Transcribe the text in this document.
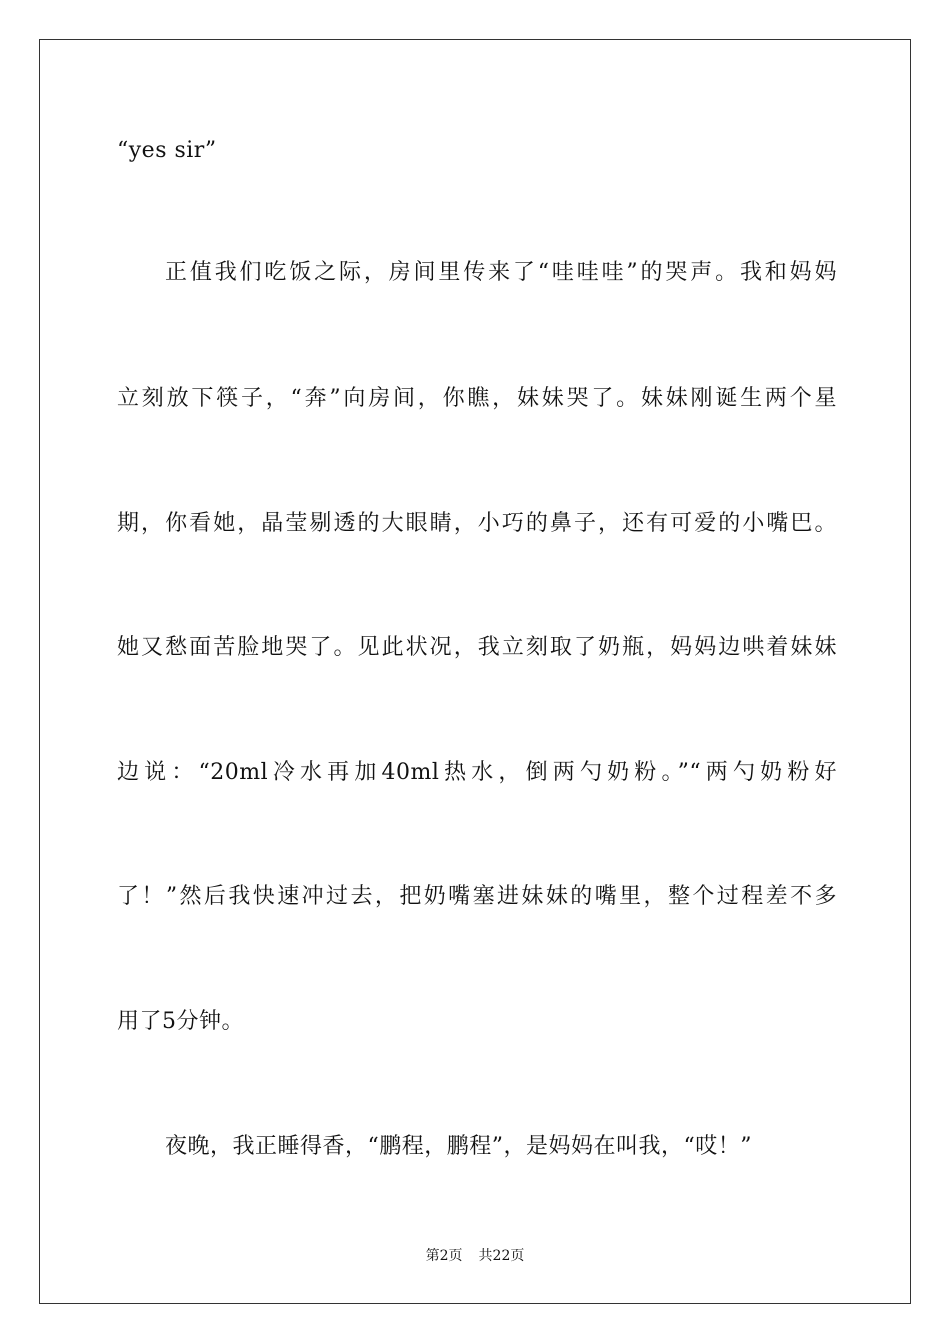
“yes sir”
正值我们吃饭之际，房间里传来了“哇哇哇”的哭声。我和妈妈
立刻放下筷子，“奔”向房间，你瞧，妹妹哭了。妹妹刚诞生两个星
期，你看她，晶莹剔透的大眼睛，小巧的鼻子，还有可爱的小嘴巴。
她又愁面苦脸地哭了。见此状况，我立刻取了奶瓶，妈妈边哄着妹妹
边说：“20ml冷水再加40ml热水，倒两勺奶粉。”“两勺奶粉好
了！”然后我快速冲过去，把奶嘴塞进妹妹的嘴里，整个过程差不多
用了5分钟。
夜晚，我正睡得香，“鹏程，鹏程”，是妈妈在叫我，“哎！”
第2页 共22页
